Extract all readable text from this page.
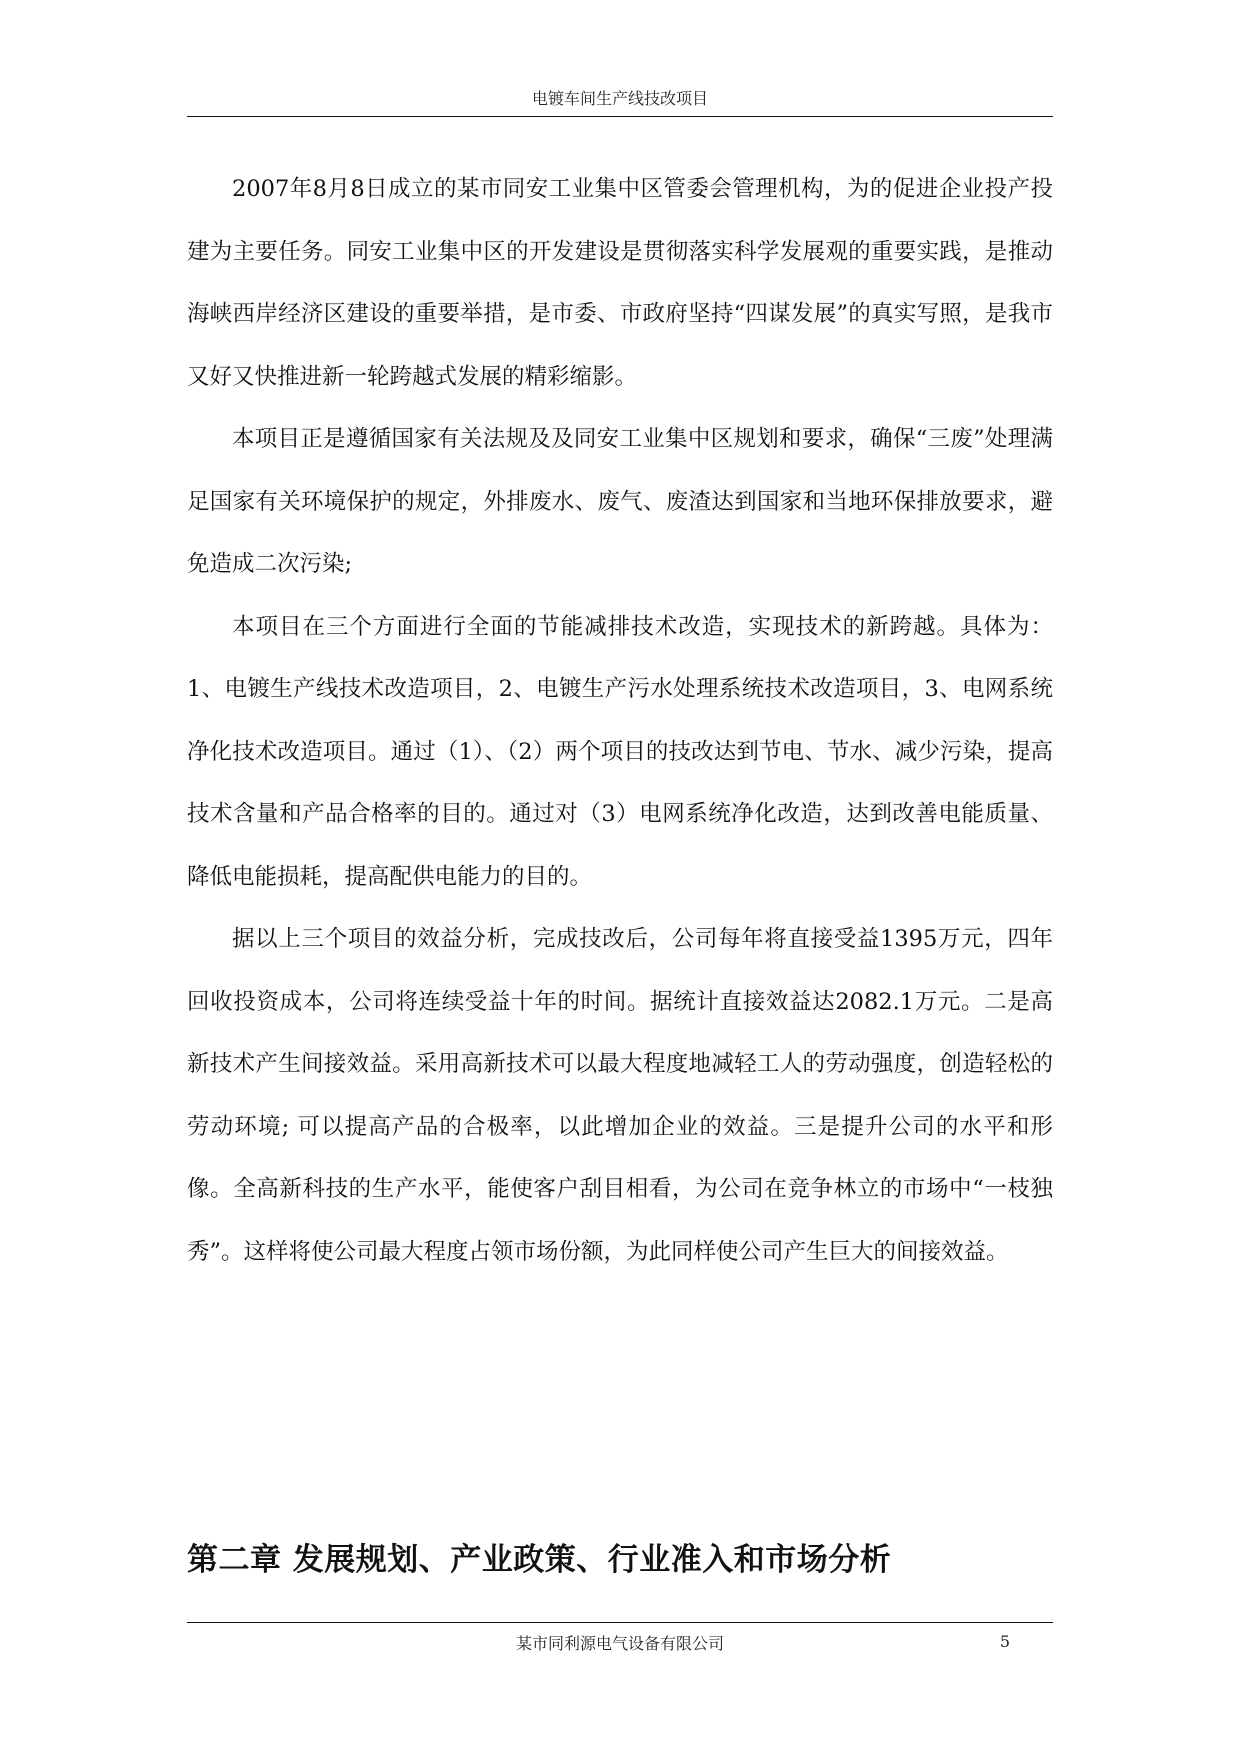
电镀车间生产线技改项目

2007年8月8日成立的某市同安工业集中区管委会管理机构，为的促进企业投产投建为主要任务。同安工业集中区的开发建设是贯彻落实科学发展观的重要实践，是推动海峡西岸经济区建设的重要举措，是市委、市政府坚持“四谋发展”的真实写照，是我市又好又快推进新一轮跨越式发展的精彩缩影。

本项目正是遵循国家有关法规及及同安工业集中区规划和要求，确保“三废”处理满足国家有关环境保护的规定，外排废水、废气、废渣达到国家和当地环保排放要求，避免造成二次污染;

本项目在三个方面进行全面的节能减排技术改造，实现技术的新跨越。具体为：1、电镀生产线技术改造项目，2、电镀生产污水处理系统技术改造项目，3、电网系统净化技术改造项目。通过（1）、（2）两个项目的技改达到节电、节水、减少污染，提高技术含量和产品合格率的目的。通过对（3）电网系统净化改造，达到改善电能质量、降低电能损耗，提高配供电能力的目的。

据以上三个项目的效益分析，完成技改后，公司每年将直接受益1395万元，四年回收投资成本，公司将连续受益十年的时间。据统计直接效益达2082.1万元。二是高新技术产生间接效益。采用高新技术可以最大程度地减轻工人的劳动强度，创造轻松的劳动环境; 可以提高产品的合极率，以此增加企业的效益。三是提升公司的水平和形像。全高新科技的生产水平，能使客户刮目相看，为公司在竞争林立的市场中“一枝独秀”。这样将使公司最大程度占领市场份额，为此同样使公司产生巨大的间接效益。

第二章 发展规划、产业政策、行业准入和市场分析
某市同利源电气设备有限公司	5
